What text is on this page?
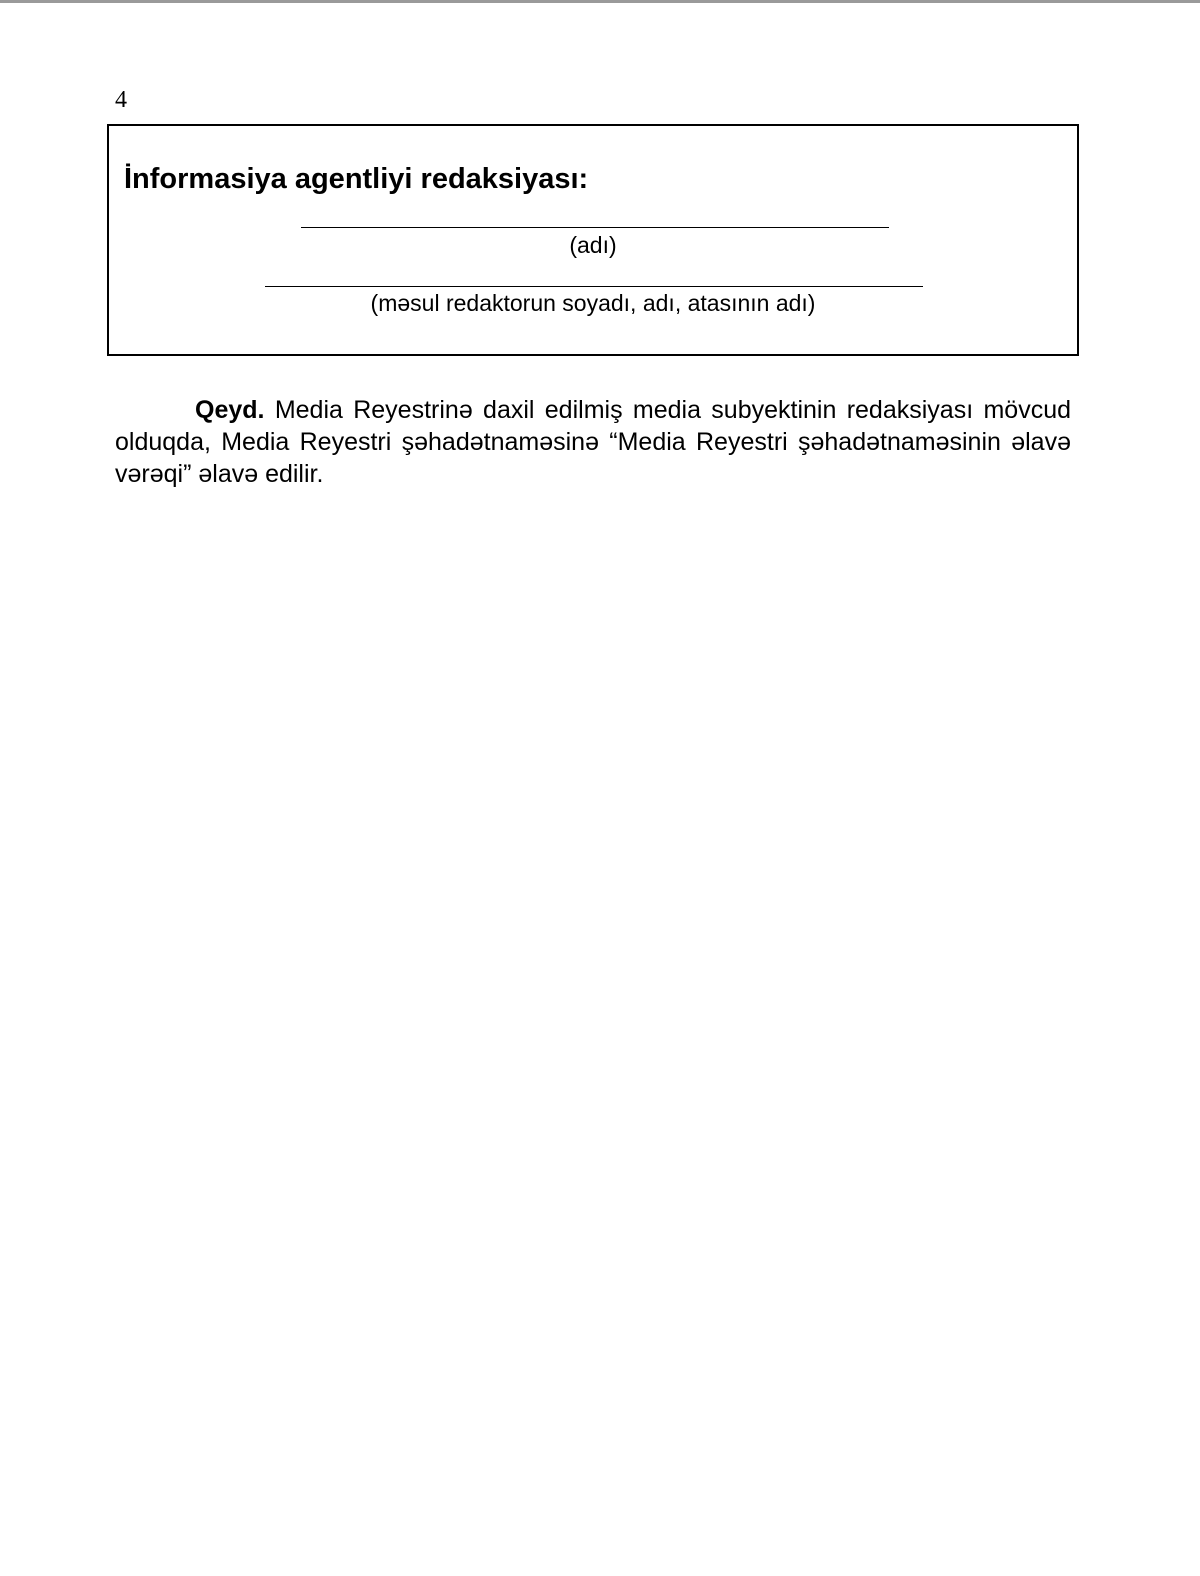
4
İnformasiya agentliyi redaksiyası:
(adı)
(məsul redaktorun soyadı, adı, atasının adı)

Qeyd. Media Reyestrinə daxil edilmiş media subyektinin redaksiyası mövcud olduqda, Media Reyestri şəhadətnaməsinə “Media Reyestri şəhadətnaməsinin əlavə vərəqi” əlavə edilir.
